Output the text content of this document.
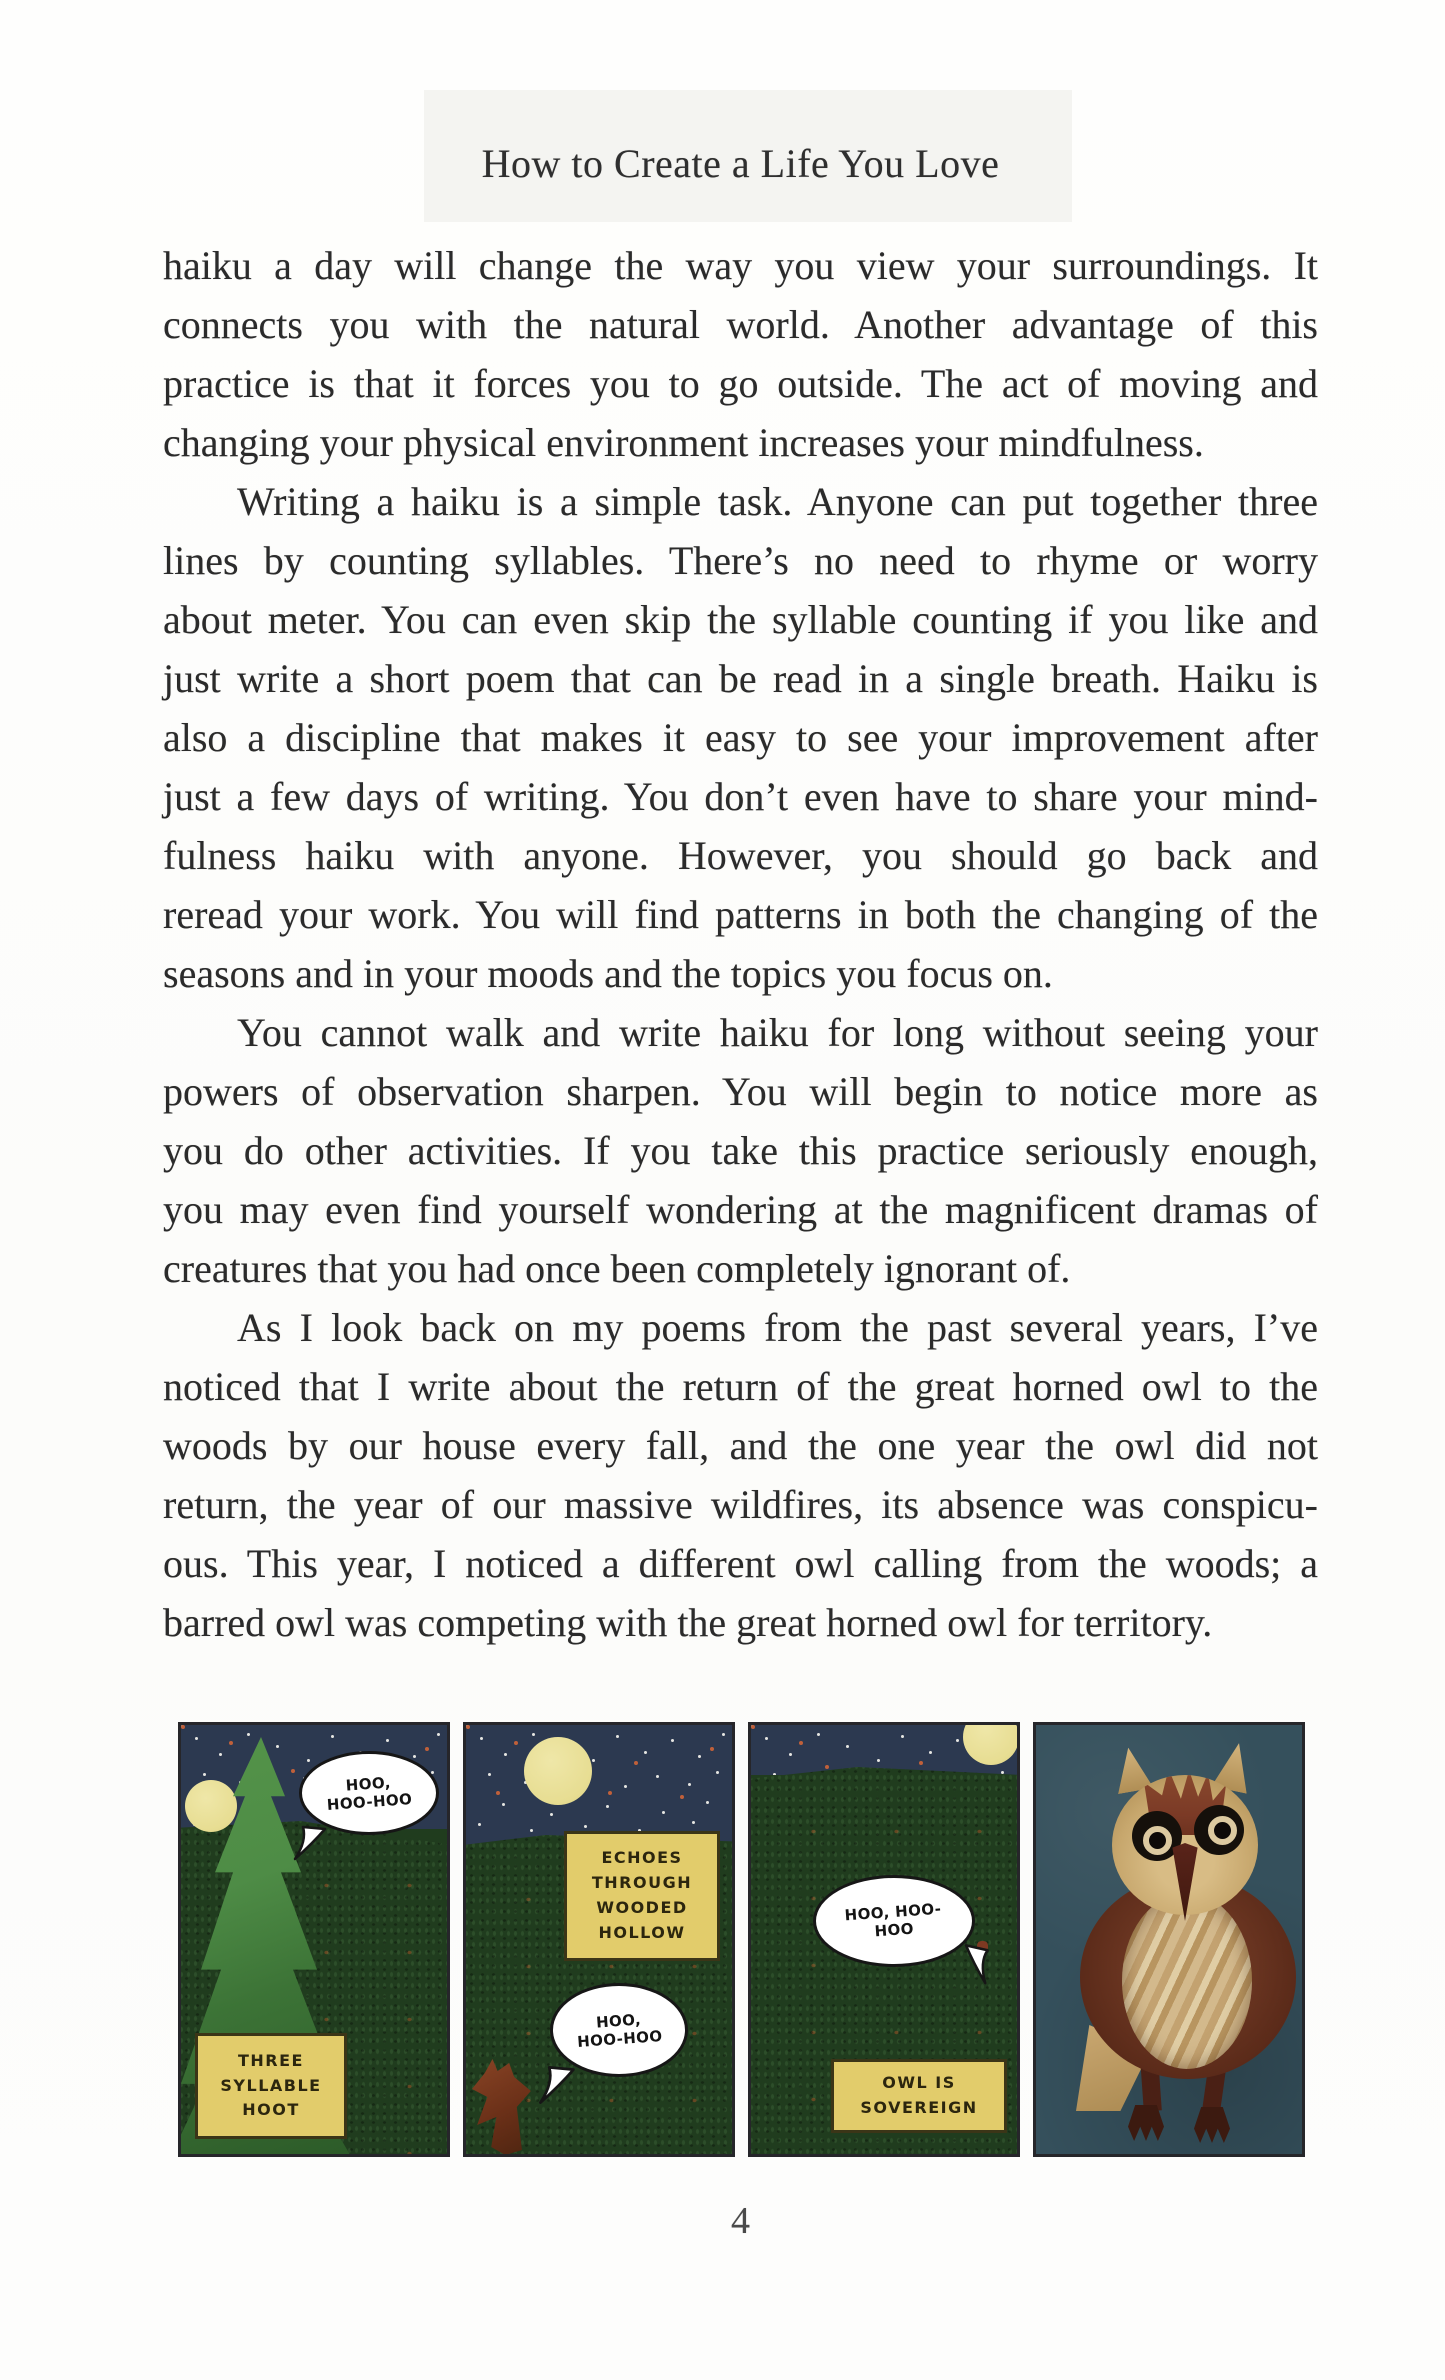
How to Create a Life You Love
haiku a day will change the way you view your surroundings. It
connects you with the natural world. Another advantage of this
practice is that it forces you to go outside. The act of moving and
changing your physical environment increases your mindfulness.
Writing a haiku is a simple task. Anyone can put together three
lines by counting syllables. There’s no need to rhyme or worry
about meter. You can even skip the syllable counting if you like and
just write a short poem that can be read in a single breath. Haiku is
also a discipline that makes it easy to see your improvement after
just a few days of writing. You don’t even have to share your mind-
fulness haiku with anyone. However, you should go back and
reread your work. You will find patterns in both the changing of the
seasons and in your moods and the topics you focus on.
You cannot walk and write haiku for long without seeing your
powers of observation sharpen. You will begin to notice more as
you do other activities. If you take this practice seriously enough,
you may even find yourself wondering at the magnificent dramas of
creatures that you had once been completely ignorant of.
As I look back on my poems from the past several years, I’ve
noticed that I write about the return of the great horned owl to the
woods by our house every fall, and the one year the owl did not
return, the year of our massive wildfires, its absence was conspicu-
ous. This year, I noticed a different owl calling from the woods; a
barred owl was competing with the great horned owl for territory.
HOO, HOO-HOO
THREE SYLLABLE HOOT
ECHOES THROUGH WOODED HOLLOW
HOO, HOO-HOO
HOO, HOO-HOO
OWL IS SOVEREIGN
4
